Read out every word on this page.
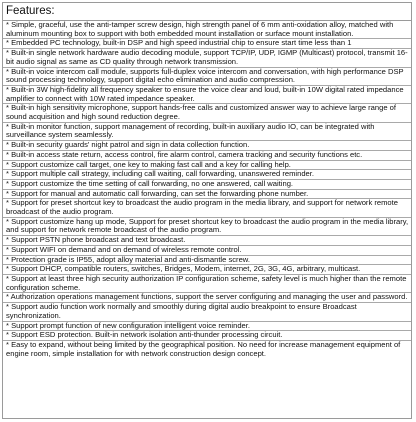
Features:
* Simple, graceful, use the anti-tamper screw design, high strength panel of 6 mm anti-oxidation alloy, matched with aluminum mounting box to support with both embedded mount installation or surface mount installation.
* Embedded PC technology, built-in DSP and high speed industrial chip to ensure start time less than 1
* Built-in single network hardware audio decoding module, support TCP/IP, UDP, IGMP (Multicast) protocol, transmit 16-bit audio signal as same as CD quality through network transmission.
* Built-in voice intercom call module, supports full-duplex voice intercom and conversation, with high performance DSP sound processing technology, support digital echo elimination and audio compression.
* Built-in 3W high-fidelity all frequency speaker to ensure the voice clear and loud, built-in 10W digital rated impedance amplifier to connect with 10W rated impedance speaker.
* Built-in high sensitivity microphone, support hands-free calls and customized answer way to achieve large range of sound acquisition and high sound reduction degree.
* Built-in monitor function, support management of recording, built-in auxiliary audio IO, can be integrated with surveillance system seamlessly.
* Built-in security guards' night patrol and sign in data collection function.
* Built-in access state return, access control, fire alarm control, camera tracking and security functions etc.
* Support customize call target, one key to making fast call and a key for calling help.
* Support multiple call strategy, including call waiting, call forwarding, unanswered reminder.
* Support customize the time setting of call forwarding, no one answered, call waiting.
* Support for manual and automatic call forwarding, can set the forwarding phone number.
* Support for preset shortcut key to broadcast the audio program in the media library, and support for network remote broadcast of the audio program.
* Support customize hang up mode, Support for preset shortcut key to broadcast the audio program in the media library, and support for network remote broadcast of the audio program.
* Support PSTN phone broadcast and text broadcast.
* Support WIFI on demand and on demand of wireless remote control.
* Protection grade is IP55, adopt alloy material and anti-dismantle screw.
* Support DHCP, compatible routers, switches, Bridges, Modem, internet, 2G, 3G, 4G, arbitrary, multicast.
* Support at least three high security authorization IP configuration scheme, safety level is much higher than the remote configuration scheme.
* Authorization operations management functions, support the server configuring and managing the user and password.
* Support audio function work normally and smoothly during digital audio breakpoint to ensure Broadcast synchronization.
* Support prompt function of new configuration intelligent voice reminder.
* Support ESD protection. Built-in network isolation anti-thunder processing circuit.
* Easy to expand, without being limited by the geographical position. No need for increase management equipment of engine room, simple installation for with network construction design concept.
